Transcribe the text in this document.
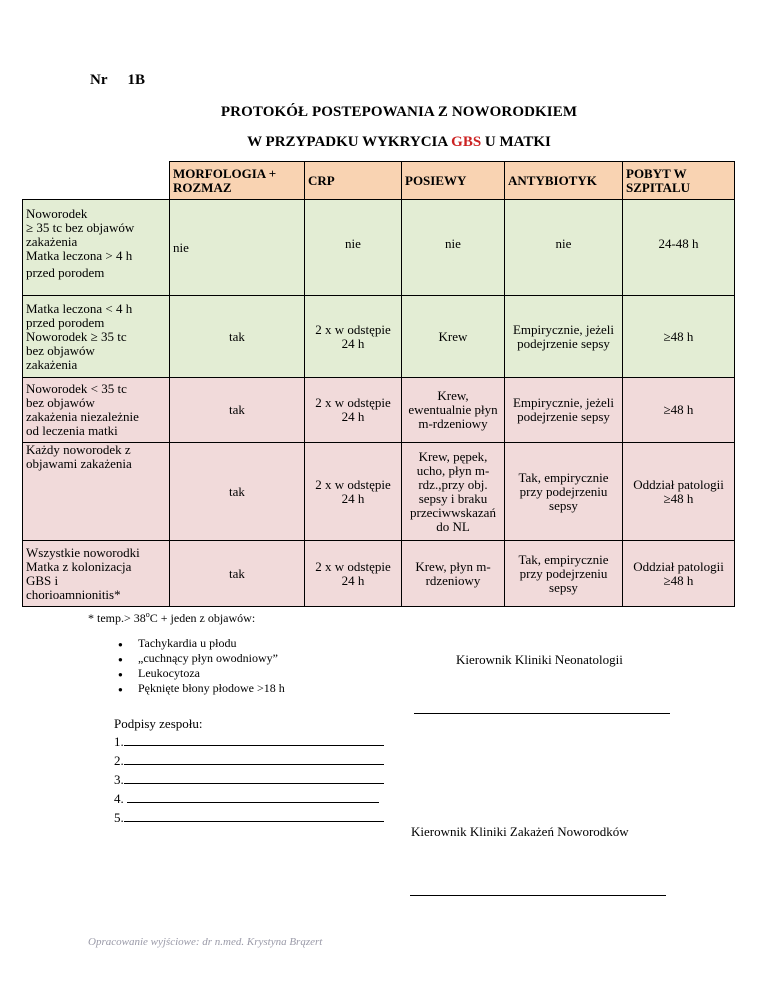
Nr 1B
PROTOKÓŁ POSTEPOWANIA Z NOWORODKIEM
W PRZYPADKU WYKRYCIA GBS U MATKI
	MORFOLOGIA + ROZMAZ	CRP	POSIEWY	ANTYBIOTYK	POBYT W SZPITALU

Noworodek
≥ 35 tc bez objawów
zakażenia
Matka leczona > 4 h
przed porodem	nie	nie	nie	nie	24-48 h

Matka leczona < 4 h
przed porodem
Noworodek ≥ 35 tc
bez objawów
zakażenia	tak	2 x w odstępie 24 h	Krew	Empirycznie, jeżeli podejrzenie sepsy	≥48 h

Noworodek < 35 tc
bez objawów
zakażenia niezależnie
od leczenia matki	tak	2 x w odstępie 24 h	Krew, ewentualnie płyn m-rdzeniowy	Empirycznie, jeżeli podejrzenie sepsy	≥48 h

Każdy noworodek z
objawami zakażenia	tak	2 x w odstępie 24 h	Krew, pępek, ucho, płyn m-rdz.,przy obj. sepsy i braku przeciwwskazań do NL	Tak, empirycznie przy podejrzeniu sepsy	Oddział patologii ≥48 h

Wszystkie noworodki
Matka z kolonizacja
GBS i
chorioamnionitis*	tak	2 x w odstępie 24 h	Krew, płyn m-rdzeniowy	Tak, empirycznie przy podejrzeniu sepsy	Oddział patologii ≥48 h
* temp.> $38^oC$ + jeden z objawów:
● Tachykardia u płodu
● „cuchnący płyn owodniowy”
● Leukocytoza
● Pęknięte błony płodowe >18 h
Kierownik Kliniki Neonatologii
Podpisy zespołu:
1.
2.
3.
4.
5.
Kierownik Kliniki Zakażeń Noworodków
Opracowanie wyjściowe: dr n.med. Krystyna Brązert
